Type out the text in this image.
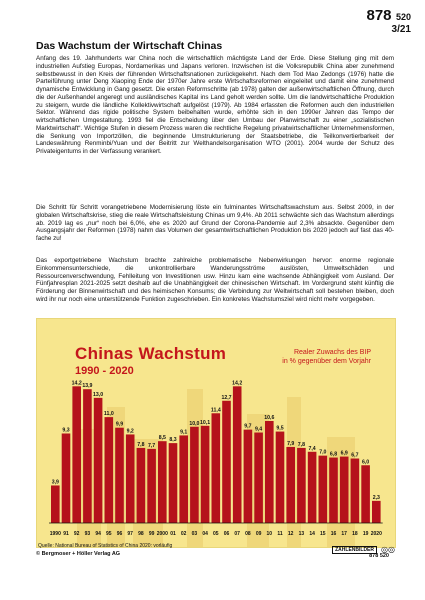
878 520
3/21
Das Wachstum der Wirtschaft Chinas
Anfang des 19. Jahrhunderts war China noch die wirtschaftlich mächtigste Land der Erde. Diese Stellung ging mit dem industriellen Aufstieg Europas, Nordamerikas und Japans verloren. Inzwischen ist die Volksrepublik China aber zunehmend selbstbewusst in den Kreis der führenden Wirtschaftsnationen zurückgekehrt. Nach dem Tod Mao Zedongs (1976) hatte die Parteiführung unter Deng Xiaoping Ende der 1970er Jahre erste Wirtschaftsreformen eingeleitet und damit eine zunehmend dynamische Entwicklung in Gang gesetzt. Die ersten Reformschritte (ab 1978) galten der außenwirtschaftlichen Öffnung, durch die der Außenhandel angeregt und ausländisches Kapital ins Land geholt werden sollte. Um die landwirtschaftliche Produktion zu steigern, wurde die ländliche Kollektivwirtschaft aufgelöst (1979). Ab 1984 erfassten die Reformen auch den industriellen Sektor. Während das rigide politische System beibehalten wurde, erhöhte sich in den 1990er Jahren das Tempo der wirtschaftlichen Umgestaltung. 1993 fiel die Entscheidung über den Umbau der Planwirtschaft zu einer „sozialistischen Marktwirtschaft“. Wichtige Stufen in diesem Prozess waren die rechtliche Regelung privatwirtschaftlicher Unternehmensformen, die Senkung von Importzöllen, die beginnende Umstrukturierung der Staatsbetriebe, die Teilkonvertierbarkeit der Landeswährung Renminbi/Yuan und der Beitritt zur Welthandelsorganisation WTO (2001). 2004 wurde der Schutz des Privateigentums in der Verfassung verankert.
Die Schritt für Schritt vorangetriebene Modernisierung löste ein fulminantes Wirtschaftswachstum aus. Selbst 2009, in der globalen Wirtschaftskrise, stieg die reale Wirtschaftsleistung Chinas um 9,4%. Ab 2011 schwächte sich das Wachstum allerdings ab. 2019 lag es „nur“ noch bei 6,0%, ehe es 2020 auf Grund der Corona-Pandemie auf 2,3% absackte. Gegenüber dem Ausgangsjahr der Reformen (1978) nahm das Volumen der gesamtwirtschaftlichen Produktion bis 2020 jedoch auf fast das 40-fache zu!
Das exportgetriebene Wachstum brachte zahlreiche problematische Nebenwirkungen hervor: enorme regionale Einkommensunterschiede, die unkontrollierbare Wanderungsströme auslösten, Umweltschäden und Ressourcenverschwendung, Fehlleitung von Investitionen usw. Hinzu kam eine wachsende Abhängigkeit vom Ausland. Der Fünfjahresplan 2021-2025 setzt deshalb auf die Unabhängigkeit der chinesischen Wirtschaft. Im Vordergrund steht künftig die Förderung der Binnenwirtschaft und des heimischen Konsums; die Verbindung zur Weltwirtschaft soll bestehen bleiben, doch wird ihr nur noch eine unterstützende Funktion zugeschrieben. Ein konkretes Wachstumsziel wird nicht mehr vorgegeben.
3,9
1990
9,3
91
14,2
92
13,9
93
13,0
94
11,0
95
9,9
96
9,2
97
7,8
98
7,7
99
8,5
2000
8,3
01
9,1
02
10,0
03
10,1
04
11,4
05
12,7
06
14,2
07
9,7
08
9,4
09
10,6
10
9,5
11
7,9
12
7,8
13
7,4
14
7,0
15
6,8
16
6,9
17
6,7
18
6,0
19
2,3
2020
Chinas Wachstum
1990 - 2020
Realer Zuwachs des BIP
in % gegenüber dem Vorjahr
Quelle: National Bureau of Statistics of China 2020: vorläufig
© Bergmoser + Höller Verlag AG
ZAHLENBILDER ◎◎
878 520
